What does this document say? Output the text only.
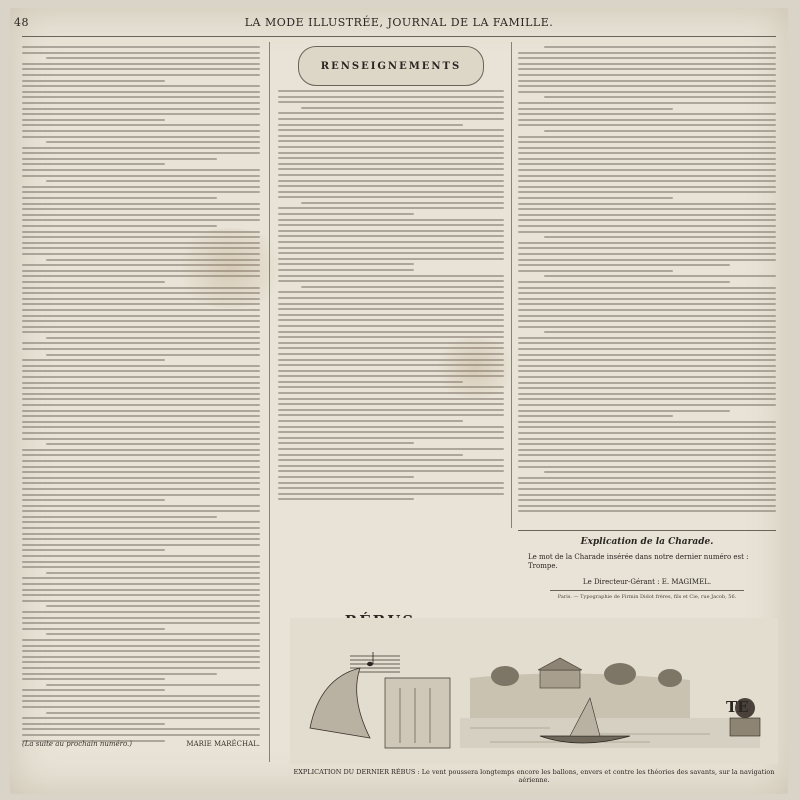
48	LA MODE ILLUSTRÉE, JOURNAL DE LA FAMILLE.
(La suite au prochain numéro.)	MARIE MARÉCHAL.
RENSEIGNEMENTS
Explication de la Charade.
Le mot de la Charade insérée dans notre dernier numéro est : Trompe.
Le Directeur-Gérant : E. MAGIMEL.
Paris. — Typographie de Firmin Didot frères, fils et Cie, rue Jacob, 56.
TE
EXPLICATION DU DERNIER RÉBUS : Le vent poussera longtemps encore les ballons, envers et contre les théories des savants, sur la navigation aérienne.
